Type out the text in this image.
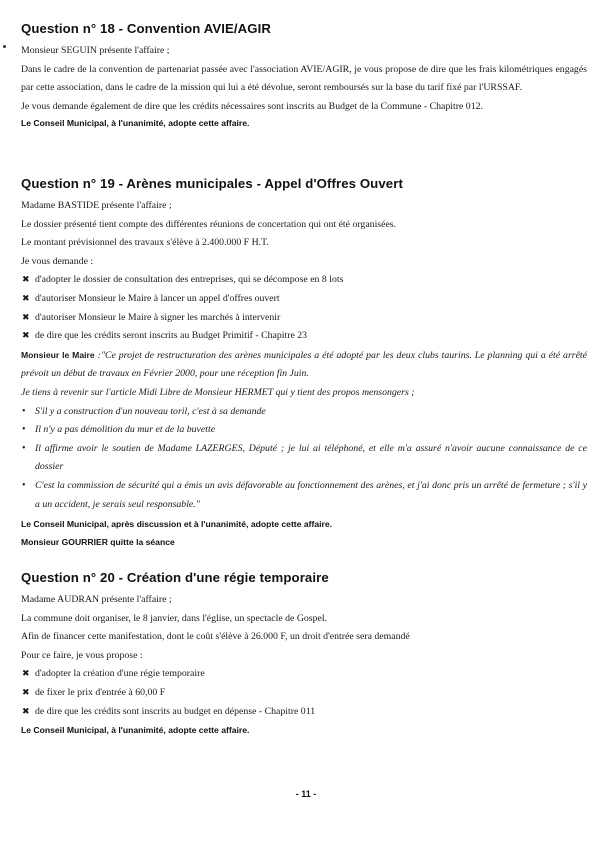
Question n° 18 - Convention AVIE/AGIR

Monsieur SEGUIN présente l'affaire ;

Dans le cadre de la convention de partenariat passée avec l'association AVIE/AGIR, je vous propose de dire que les frais kilométriques engagés par cette association, dans le cadre de la mission qui lui a été dévolue, seront remboursés sur la base du tarif fixé par l'URSSAF.

Je vous demande également de dire que les crédits nécessaires sont inscrits au Budget de la Commune - Chapitre 012.

Le Conseil Municipal, à l'unanimité, adopte cette affaire.

Question n° 19 - Arènes municipales - Appel d'Offres Ouvert

Madame BASTIDE présente l'affaire ;

Le dossier présenté tient compte des différentes réunions de concertation qui ont été organisées.

Le montant prévisionnel des travaux s'élève à 2.400.000 F H.T.

Je vous demande :

✖ d'adopter le dossier de consultation des entreprises, qui se décompose en 8 lots
✖ d'autoriser Monsieur le Maire à lancer un appel d'offres ouvert
✖ d'autoriser Monsieur le Maire à signer les marchés à intervenir
✖ de dire que les crédits seront inscrits au Budget Primitif - Chapitre 23

Monsieur le Maire :"Ce projet de restructuration des arènes municipales a été adopté par les deux clubs taurins. Le planning qui a été arrêté prévoit un début de travaux en Février 2000, pour une réception fin Juin.

Je tiens à revenir sur l'article Midi Libre de Monsieur HERMET qui y tient des propos mensongers ;

• S'il y a construction d'un nouveau toril, c'est à sa demande
• Il n'y a pas démolition du mur et de la buvette
• Il affirme avoir le soutien de Madame LAZERGES, Député ; je lui ai téléphoné, et elle m'a assuré n'avoir aucune connaissance de ce dossier
• C'est la commission de sécurité qui a émis un avis défavorable au fonctionnement des arènes, et j'ai donc pris un arrêté de fermeture ; s'il y a un accident, je serais seul responsable."

Le Conseil Municipal, après discussion et à l'unanimité, adopte cette affaire.

Monsieur GOURRIER quitte la séance

Question n° 20 - Création d'une régie temporaire

Madame AUDRAN présente l'affaire ;

La commune doit organiser, le 8 janvier, dans l'église, un spectacle de Gospel.

Afin de financer cette manifestation, dont le coût s'élève à 26.000 F, un droit d'entrée sera demandé

Pour ce faire, je vous propose :

✖ d'adopter la création d'une régie temporaire
✖ de fixer le prix d'entrée à 60,00 F
✖ de dire que les crédits sont inscrits au budget en dépense - Chapitre 011

Le Conseil Municipal, à l'unanimité, adopte cette affaire.

- 11 -
